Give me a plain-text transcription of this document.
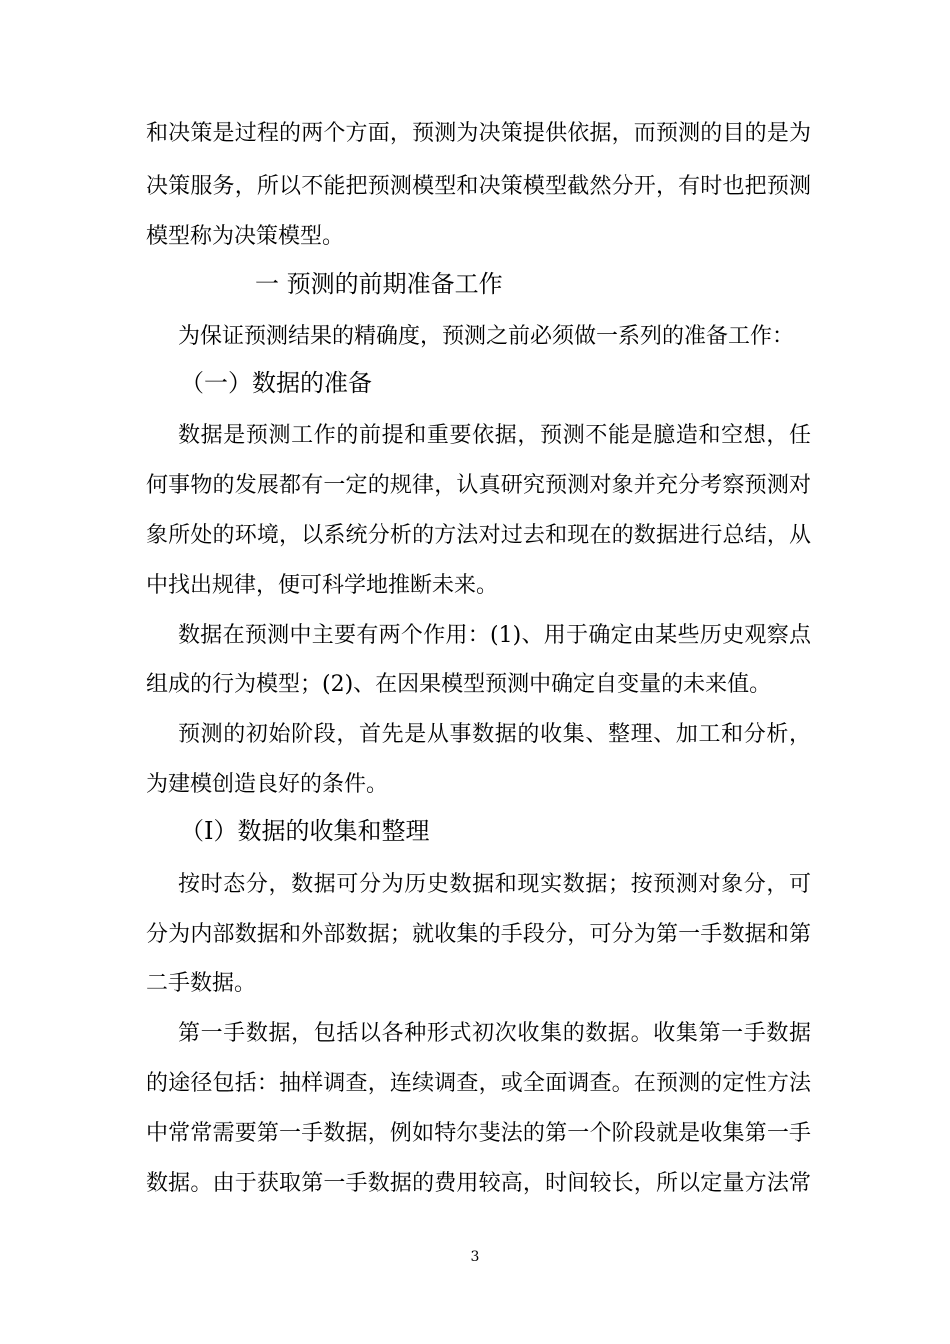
和决策是过程的两个方面，预测为决策提供依据，而预测的目的是为
决策服务，所以不能把预测模型和决策模型截然分开，有时也把预测
模型称为决策模型。
一 预测的前期准备工作
为保证预测结果的精确度，预测之前必须做一系列的准备工作：
（一）数据的准备
数据是预测工作的前提和重要依据，预测不能是臆造和空想，任
何事物的发展都有一定的规律，认真研究预测对象并充分考察预测对
象所处的环境，以系统分析的方法对过去和现在的数据进行总结，从
中找出规律，便可科学地推断未来。
数据在预测中主要有两个作用：(1)、用于确定由某些历史观察点
组成的行为模型；(2)、在因果模型预测中确定自变量的未来值。
预测的初始阶段，首先是从事数据的收集、整理、加工和分析，
为建模创造良好的条件。
（Ⅰ）数据的收集和整理
按时态分，数据可分为历史数据和现实数据；按预测对象分，可
分为内部数据和外部数据；就收集的手段分，可分为第一手数据和第
二手数据。
第一手数据，包括以各种形式初次收集的数据。收集第一手数据
的途径包括：抽样调查，连续调查，或全面调查。在预测的定性方法
中常常需要第一手数据，例如特尔斐法的第一个阶段就是收集第一手
数据。由于获取第一手数据的费用较高，时间较长，所以定量方法常
3
